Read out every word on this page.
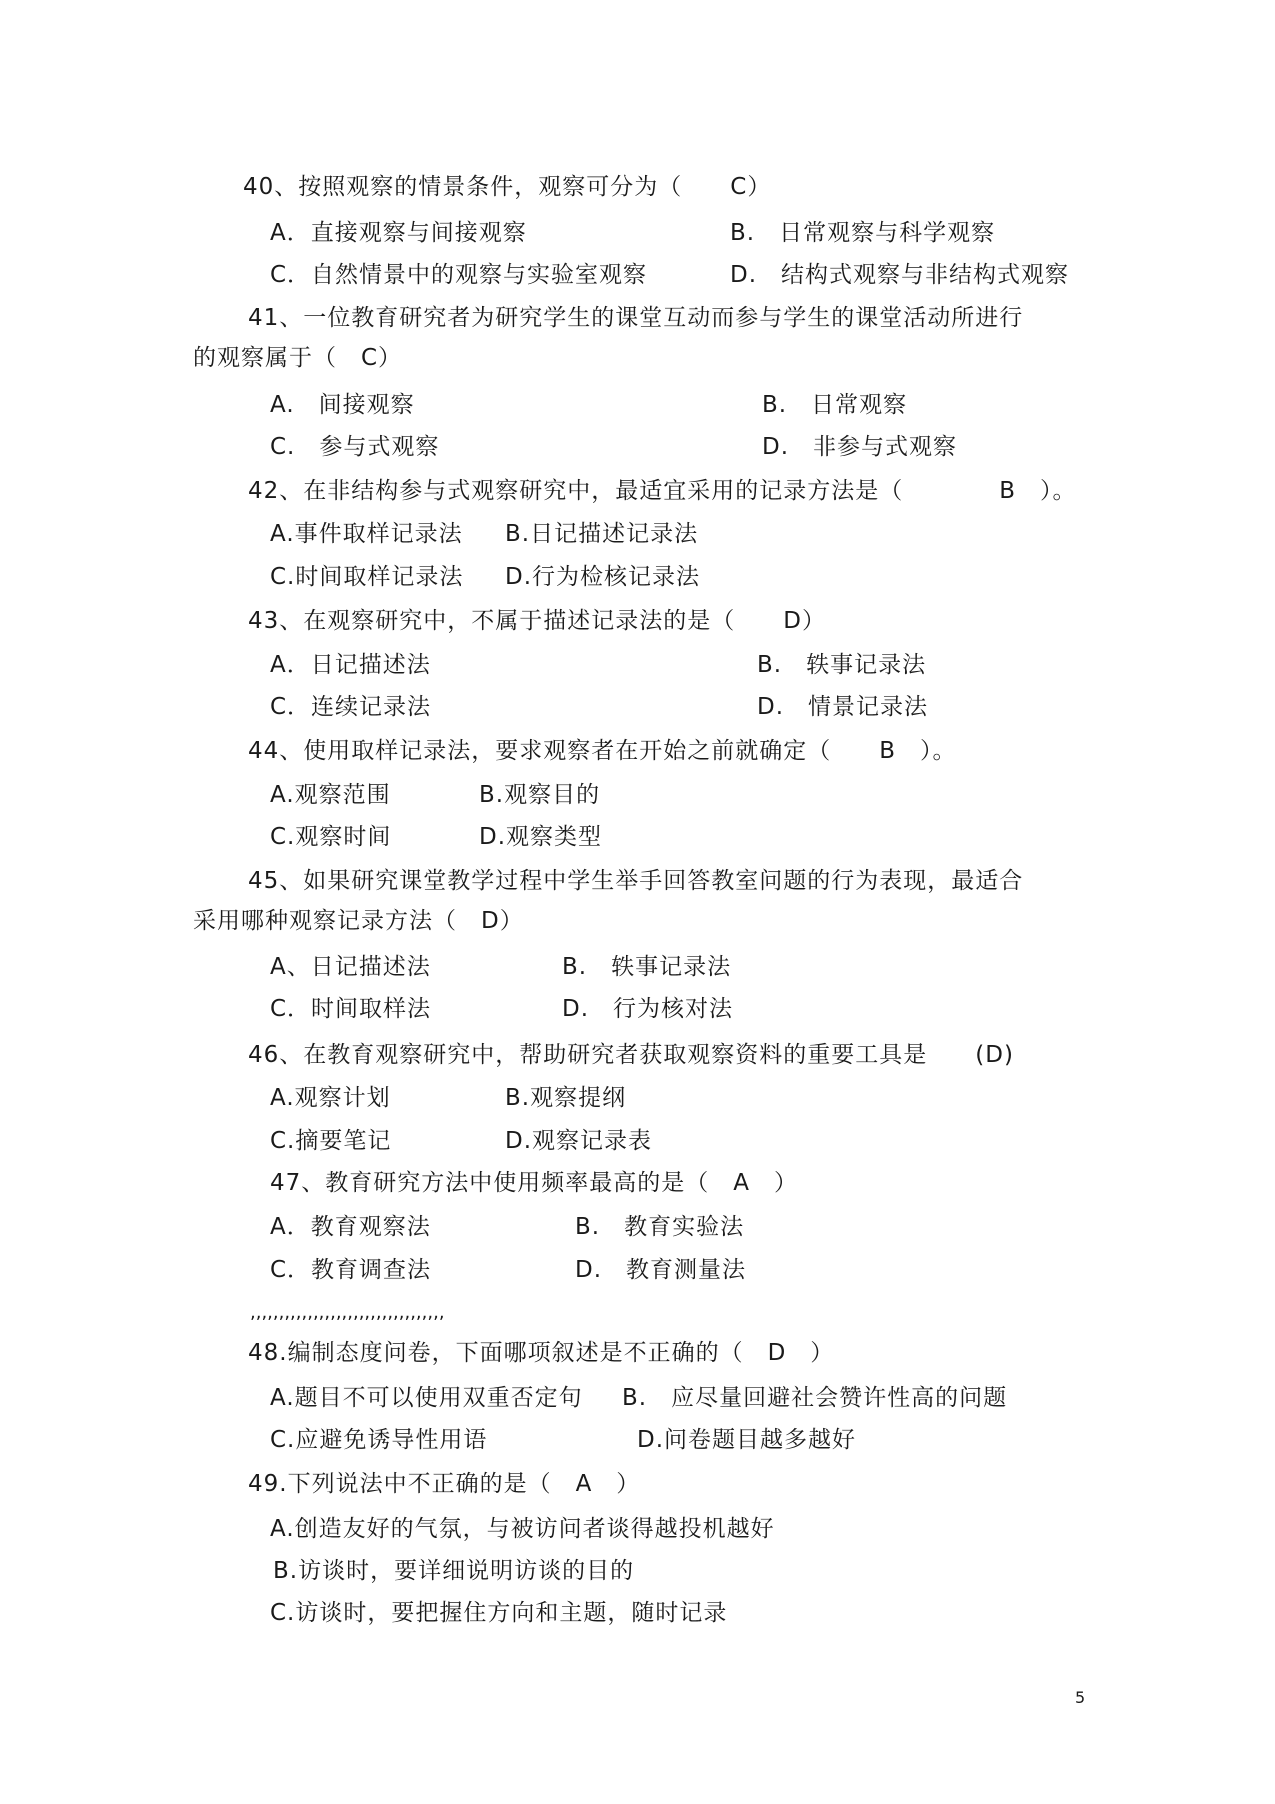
40、按照观察的情景条件，观察可分为（　　C）
A．直接观察与间接观察	B.　日常观察与科学观察
C．自然情景中的观察与实验室观察	D.　结构式观察与非结构式观察
41、一位教育研究者为研究学生的课堂互动而参与学生的课堂活动所进行
的观察属于（　C）
A.　间接观察	B.　日常观察
C.　参与式观察	D.　非参与式观察
42、在非结构参与式观察研究中，最适宜采用的记录方法是（　　　　B　）。
A.事件取样记录法 B.日记描述记录法
C.时间取样记录法 D.行为检核记录法
43、在观察研究中，不属于描述记录法的是（　　D）
A．日记描述法	B.　轶事记录法
C．连续记录法	D.　情景记录法
44、使用取样记录法，要求观察者在开始之前就确定（　　B　）。
A.观察范围	B.观察目的
C.观察时间	D.观察类型
45、如果研究课堂教学过程中学生举手回答教室问题的行为表现，最适合
采用哪种观察记录方法（　D）
A、日记描述法	B.　轶事记录法
C．时间取样法	D.　行为核对法
46、在教育观察研究中，帮助研究者获取观察资料的重要工具是　　(D)
A.观察计划	B.观察提纲
C.摘要笔记	D.观察记录表
47、教育研究方法中使用频率最高的是（　A　）
A．教育观察法	B.　教育实验法
C．教育调查法	D.　教育测量法
,,,,,,,,,,,,,,,,,,,,,,,,,,,,,,,,,,
48.编制态度问卷，下面哪项叙述是不正确的（　D　）
A.题目不可以使用双重否定句 B.　应尽量回避社会赞许性高的问题
C.应避免诱导性用语	D.问卷题目越多越好
49.下列说法中不正确的是（　A　）
A.创造友好的气氛，与被访问者谈得越投机越好
B.访谈时，要详细说明访谈的目的
C.访谈时，要把握住方向和主题，随时记录
5
